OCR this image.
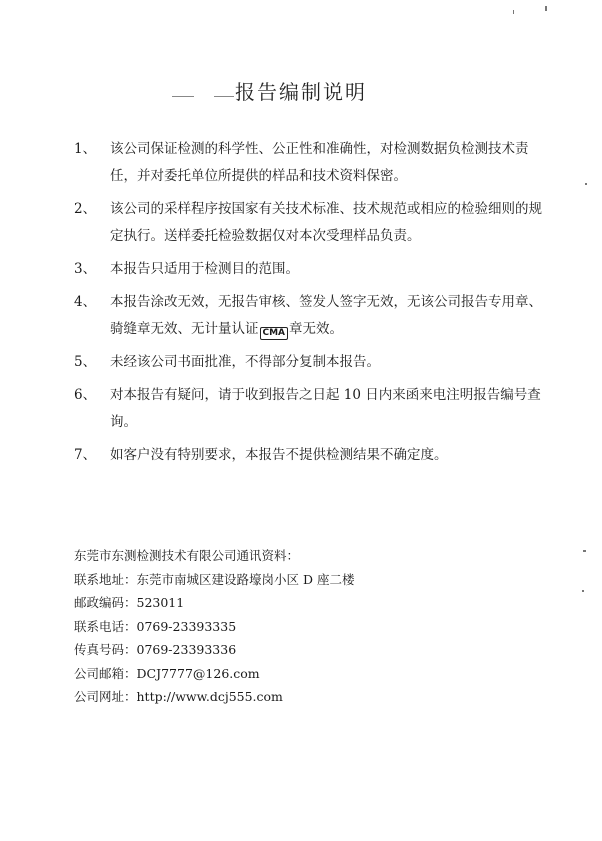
报告编制说明
1、 该公司保证检测的科学性、公正性和准确性，对检测数据负检测技术责任，并对委托单位所提供的样品和技术资料保密。
2、 该公司的采样程序按国家有关技术标准、技术规范或相应的检验细则的规定执行。送样委托检验数据仅对本次受理样品负责。
3、 本报告只适用于检测目的范围。
4、 本报告涂改无效，无报告审核、签发人签字无效，无该公司报告专用章、骑缝章无效、无计量认证 CMA 章无效。
5、 未经该公司书面批准，不得部分复制本报告。
6、 对本报告有疑问，请于收到报告之日起 10 日内来函来电注明报告编号查询。
7、 如客户没有特别要求，本报告不提供检测结果不确定度。
东莞市东测检测技术有限公司通讯资料：
联系地址：东莞市南城区建设路壕岗小区 D 座二楼
邮政编码：523011
联系电话：0769-23393335
传真号码：0769-23393336
公司邮箱：DCJ7777@126.com
公司网址：http://www.dcj555.com
